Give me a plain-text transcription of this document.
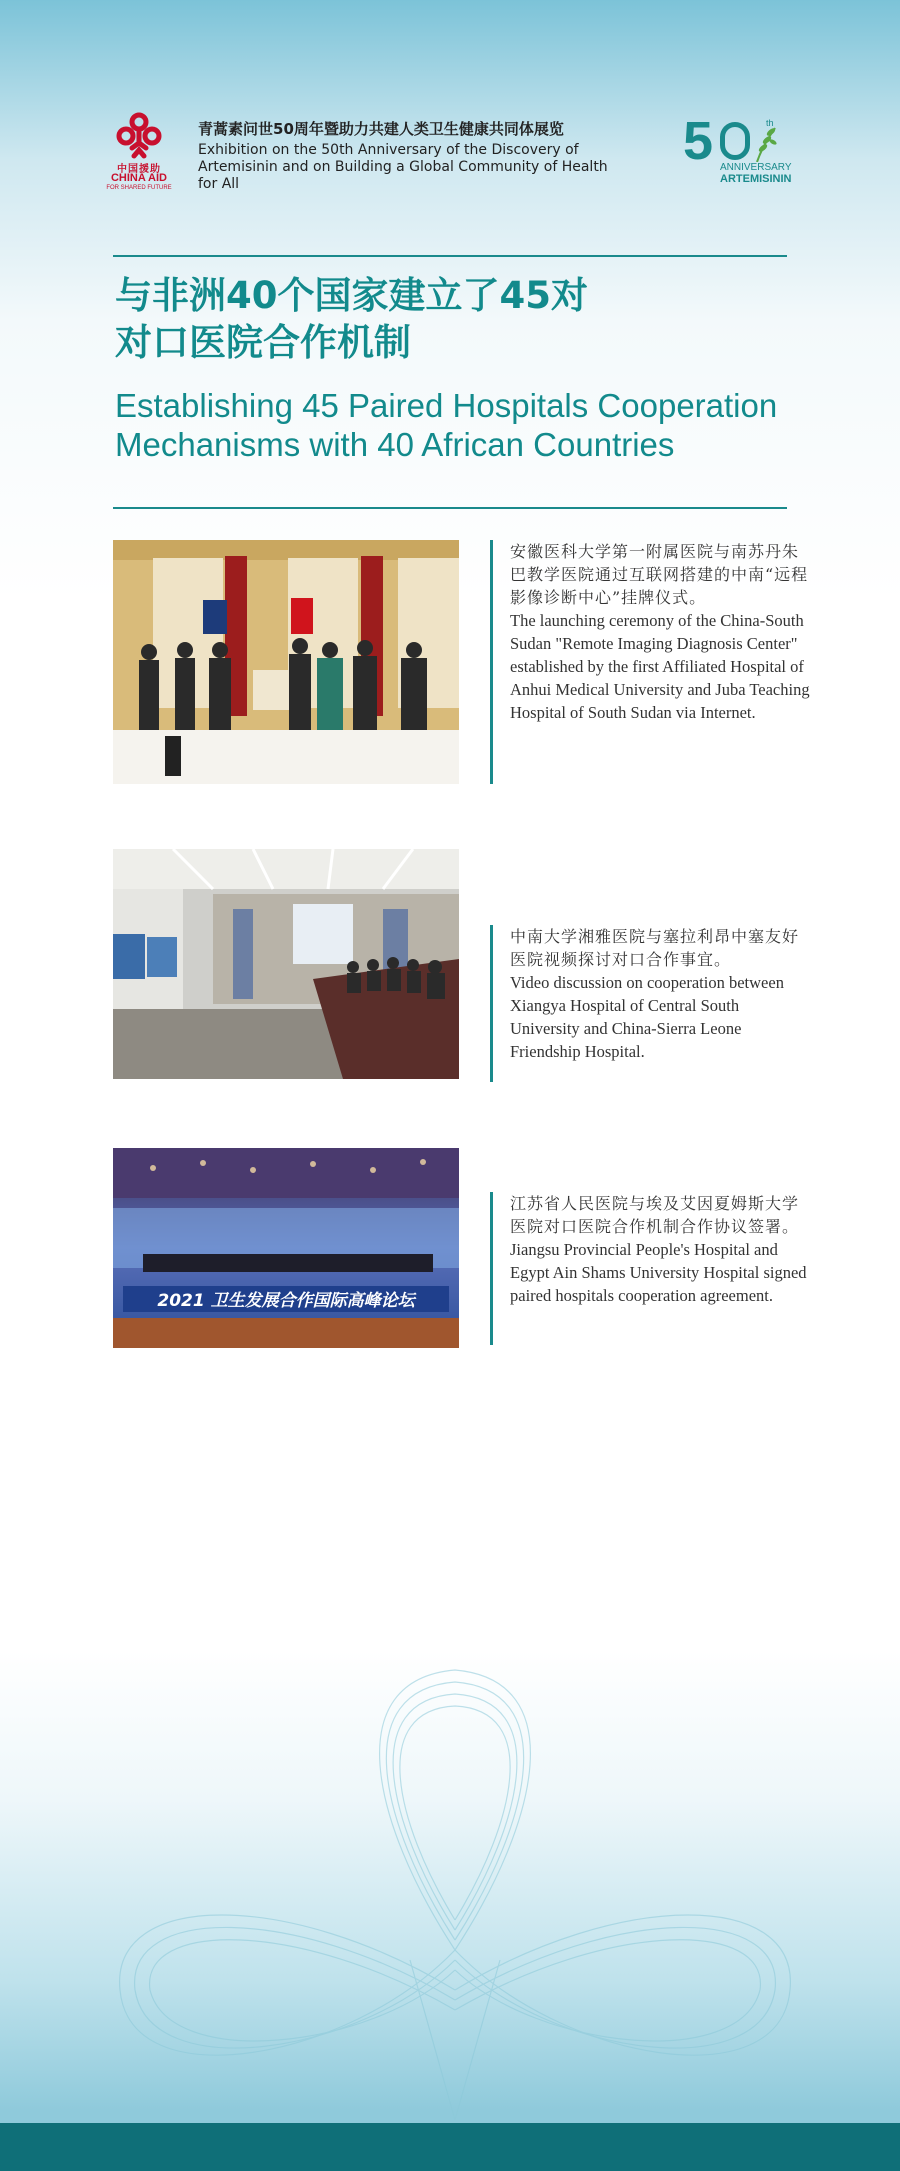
中国援助
CHINA AID
FOR SHARED FUTURE
青蒿素问世50周年暨助力共建人类卫生健康共同体展览
Exhibition on the 50th Anniversary of the Discovery of Artemisinin and on Building a Global Community of Health for All
5	th
ANNIVERSARY
ARTEMISININ
与非洲40个国家建立了45对
对口医院合作机制
Establishing 45 Paired Hospitals Cooperation
Mechanisms with 40 African Countries
安徽医科大学第一附属医院与南苏丹朱巴教学医院通过互联网搭建的中南“远程影像诊断中心”挂牌仪式。
The launching ceremony of the China-South Sudan "Remote Imaging Diagnosis Center" established by the first Affiliated Hospital of Anhui Medical University and Juba Teaching Hospital of South Sudan via Internet.
中南大学湘雅医院与塞拉利昂中塞友好医院视频探讨对口合作事宜。
Video discussion on cooperation between Xiangya Hospital of Central South University and China-Sierra Leone Friendship Hospital.
2021 卫生发展合作国际高峰论坛
江苏省人民医院与埃及艾因夏姆斯大学医院对口医院合作机制合作协议签署。
Jiangsu Provincial People's Hospital and Egypt Ain Shams University Hospital signed paired hospitals cooperation agreement.
